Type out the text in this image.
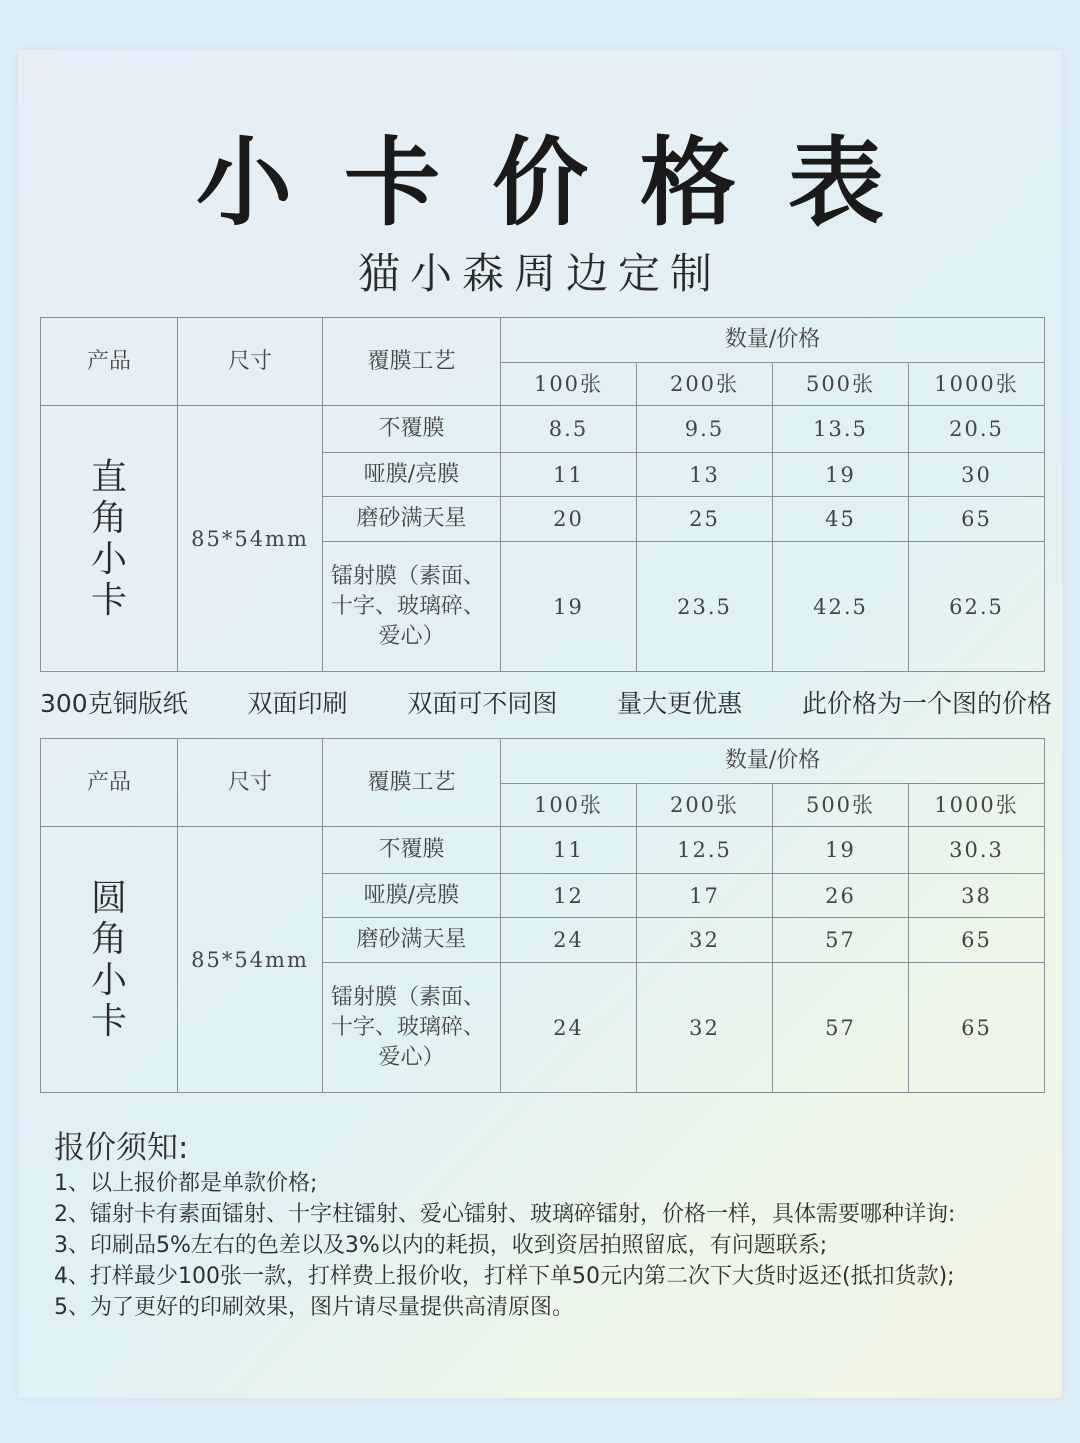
小卡价格表
猫小森周边定制
产品	尺寸	覆膜工艺	数量/价格			
			100张	200张	500张	1000张

直角小卡	85*54mm	不覆膜	8.5	9.5	13.5	20.5
		哑膜/亮膜	11	13	19	30
		磨砂满天星	20	25	45	65

		镭射膜（素面、
十字、玻璃碎、
爱心）	19	23.5	42.5	62.5
300克铜版纸 双面印刷 双面可不同图 量大更优惠 此价格为一个图的价格
产品	尺寸	覆膜工艺	数量/价格			
			100张	200张	500张	1000张

圆角小卡	85*54mm	不覆膜	11	12.5	19	30.3
		哑膜/亮膜	12	17	26	38
		磨砂满天星	24	32	57	65

		镭射膜（素面、
十字、玻璃碎、
爱心）	24	32	57	65
报价须知:
1、以上报价都是单款价格;
2、镭射卡有素面镭射、十字柱镭射、爱心镭射、玻璃碎镭射，价格一样，具体需要哪种详询:
3、印刷品5%左右的色差以及3%以内的耗损，收到资居拍照留底，有问题联系;
4、打样最少100张一款，打样费上报价收，打样下单50元内第二次下大货时返还(抵扣货款);
5、为了更好的印刷效果，图片请尽量提供高清原图。
